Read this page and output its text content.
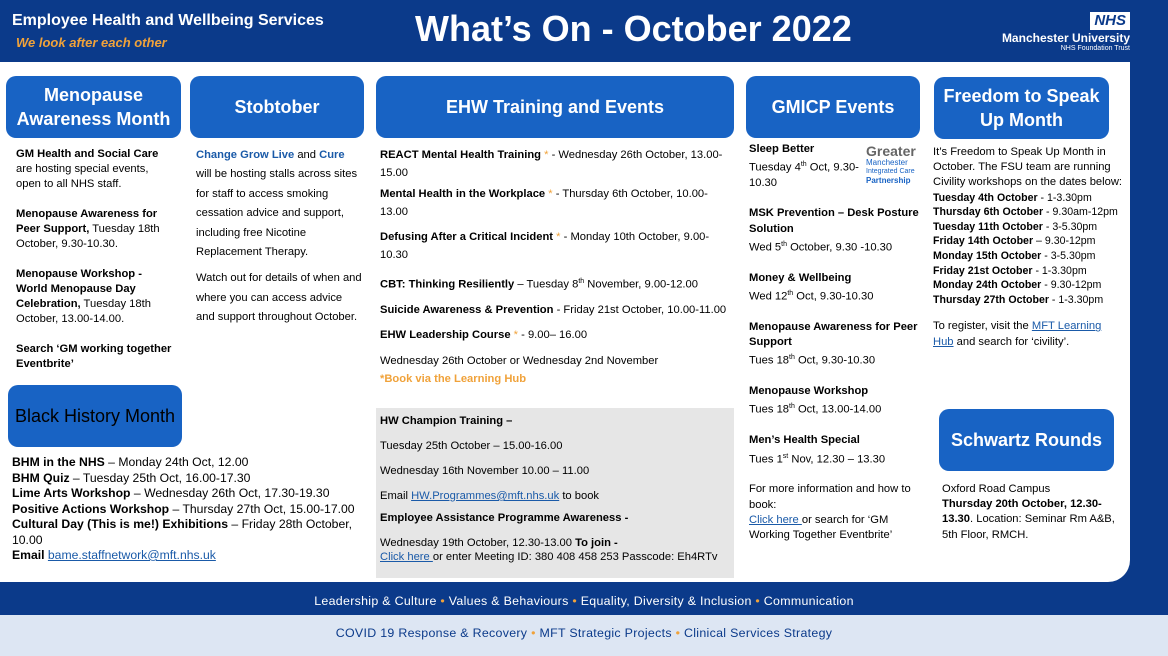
Employee Health and Wellbeing Services
We look after each other	What’s On - October 2022	NHS
Manchester University
NHS Foundation Trust
Menopause Awareness Month

GM Health and Social Care are hosting special events, open to all NHS staff.

Menopause Awareness for Peer Support, Tuesday 18th October, 9.30-10.30.

Menopause Workshop - World Menopause Day Celebration, Tuesday 18th October, 13.00-14.00.

Search ‘GM working together Eventbrite’

Black History Month

BHM in the NHS – Monday 24th Oct, 12.00

BHM Quiz – Tuesday 25th Oct, 16.00-17.30

Lime Arts Workshop – Wednesday 26th Oct, 17.30-19.30

Positive Actions Workshop – Thursday 27th Oct, 15.00-17.00

Cultural Day (This is me!) Exhibitions – Friday 28th October, 10.00

Email bame.staffnetwork@mft.nhs.uk

Stobtober

Change Grow Live and Cure will be hosting stalls across sites for staff to access smoking cessation advice and support, including free Nicotine Replacement Therapy.

Watch out for details of when and where you can access advice and support throughout October.

EHW Training and Events

REACT Mental Health Training * - Wednesday 26th October, 13.00-15.00

Mental Health in the Workplace * - Thursday 6th October, 10.00-13.00

Defusing After a Critical Incident * - Monday 10th October, 9.00-10.30

CBT: Thinking Resiliently – Tuesday 8th November, 9.00-12.00

Suicide Awareness & Prevention - Friday 21st October, 10.00-11.00

EHW Leadership Course * - 9.00– 16.00

Wednesday 26th October or Wednesday 2nd November

*Book via the Learning Hub

HW Champion Training –

Tuesday 25th October – 15.00-16.00

Wednesday 16th November 10.00 – 11.00

Email HW.Programmes@mft.nhs.uk to book

Employee Assistance Programme Awareness -

Wednesday 19th October, 12.30-13.00 To join -

Click here or enter Meeting ID: 380 408 458 253 Passcode: Eh4RTv

GMICP Events
Greater
Manchester
Integrated Care
Partnership

Sleep Better

Tuesday 4th Oct, 9.30-10.30

MSK Prevention – Desk Posture Solution

Wed 5th October, 9.30 -10.30

Money & Wellbeing

Wed 12th Oct, 9.30-10.30

Menopause Awareness for Peer Support

Tues 18th Oct, 9.30-10.30

Menopause Workshop

Tues 18th Oct, 13.00-14.00

Men’s Health Special

Tues 1st Nov, 12.30 – 13.30

For more information and how to book:

Click here or search for ‘GM Working Together Eventbrite’

Freedom to Speak Up Month

It’s Freedom to Speak Up Month in October. The FSU team are running Civility workshops on the dates below:

Tuesday 4th October - 1-3.30pm

Thursday 6th October - 9.30am-12pm

Tuesday 11th October - 3-5.30pm

Friday 14th October – 9.30-12pm

Monday 15th October - 3-5.30pm

Friday 21st October - 1-3.30pm

Monday 24th October - 9.30-12pm

Thursday 27th October - 1-3.30pm

To register, visit the MFT Learning Hub and search for ‘civility’.

Schwartz Rounds

Oxford Road Campus

Thursday 20th October, 12.30-13.30. Location: Seminar Rm A&B, 5th Floor, RMCH.

Leadership & Culture • Values & Behaviours • Equality, Diversity & Inclusion • Communication
COVID 19 Response & Recovery • MFT Strategic Projects • Clinical Services Strategy
